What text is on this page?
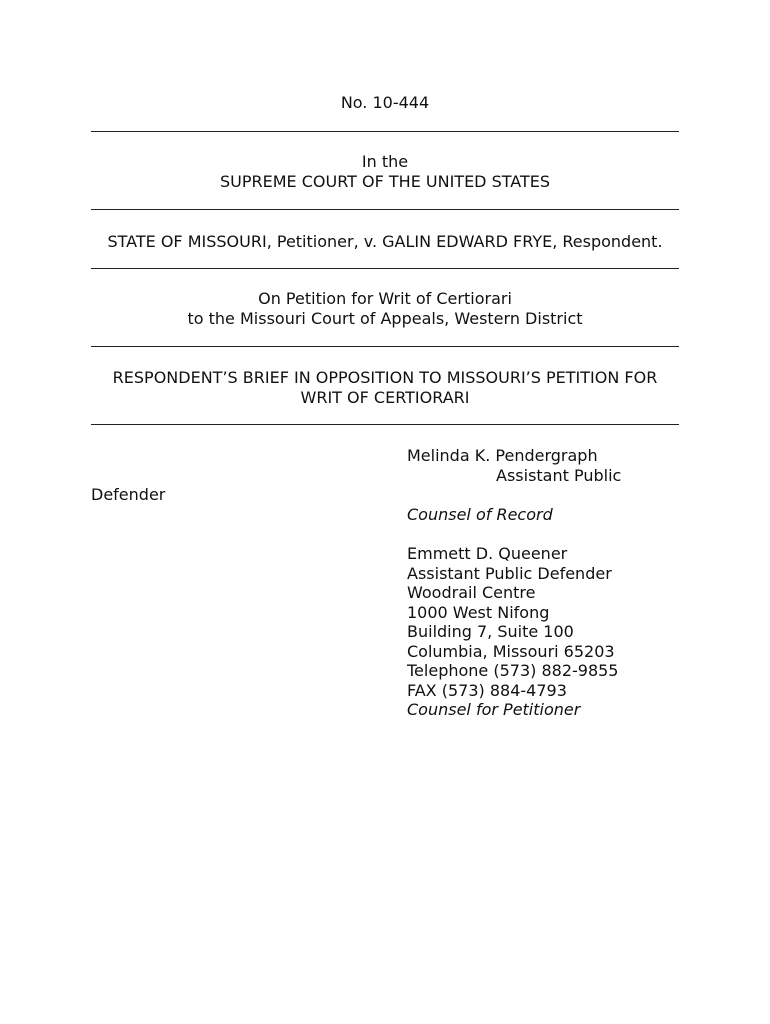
No. 10-444
In the
SUPREME COURT OF THE UNITED STATES
STATE OF MISSOURI, Petitioner, v. GALIN EDWARD FRYE, Respondent.
On Petition for Writ of Certiorari
to the Missouri Court of Appeals, Western District
RESPONDENT’S BRIEF IN OPPOSITION TO MISSOURI’S PETITION FOR
WRIT OF CERTIORARI
Melinda K. Pendergraph
Assistant Public
Defender
Counsel of Record
Emmett D. Queener
Assistant Public Defender
Woodrail Centre
1000 West Nifong
Building 7, Suite 100
Columbia, Missouri 65203
Telephone (573) 882-9855
FAX (573) 884-4793
Counsel for Petitioner
